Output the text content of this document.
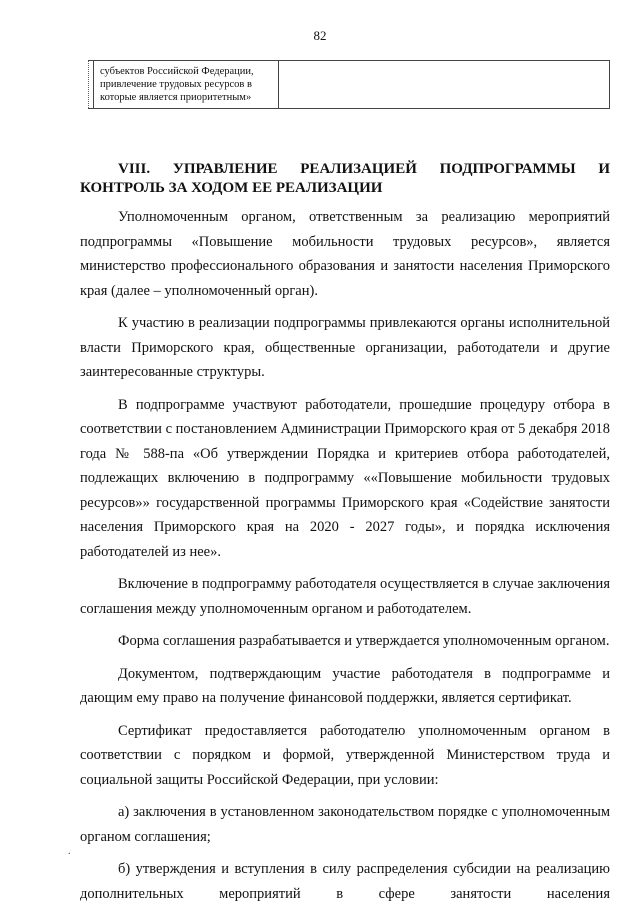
82
	субъектов Российской Федерации, привлечение трудовых ресурсов в которые является приоритетным»	
VIII. УПРАВЛЕНИЕ РЕАЛИЗАЦИЕЙ ПОДПРОГРАММЫ И
КОНТРОЛЬ ЗА ХОДОМ ЕЕ РЕАЛИЗАЦИИ

Уполномоченным органом, ответственным за реализацию мероприятий подпрограммы «Повышение мобильности трудовых ресурсов», является министерство профессионального образования и занятости населения Приморского края (далее – уполномоченный орган).

К участию в реализации подпрограммы привлекаются органы исполнительной власти Приморского края, общественные организации, работодатели и другие заинтересованные структуры.

В подпрограмме участвуют работодатели, прошедшие процедуру отбора в соответствии с постановлением Администрации Приморского края от 5 декабря 2018 года № 588-па «Об утверждении Порядка и критериев отбора работодателей, подлежащих включению в подпрограмму ««Повышение мобильности трудовых ресурсов»» государственной программы Приморского края «Содействие занятости населения Приморского края на 2020 - 2027 годы», и порядка исключения работодателей из нее».

Включение в подпрограмму работодателя осуществляется в случае заключения соглашения между уполномоченным органом и работодателем.

Форма соглашения разрабатывается и утверждается уполномоченным органом.

Документом, подтверждающим участие работодателя в подпрограмме и дающим ему право на получение финансовой поддержки, является сертификат.

Сертификат предоставляется работодателю уполномоченным органом в соответствии с порядком и формой, утвержденной Министерством труда и социальной защиты Российской Федерации, при условии:

а) заключения в установленном законодательством порядке с уполномоченным органом соглашения;

б) утверждения и вступления в силу распределения субсидии на реализацию дополнительных мероприятий в сфере занятости населения

.
